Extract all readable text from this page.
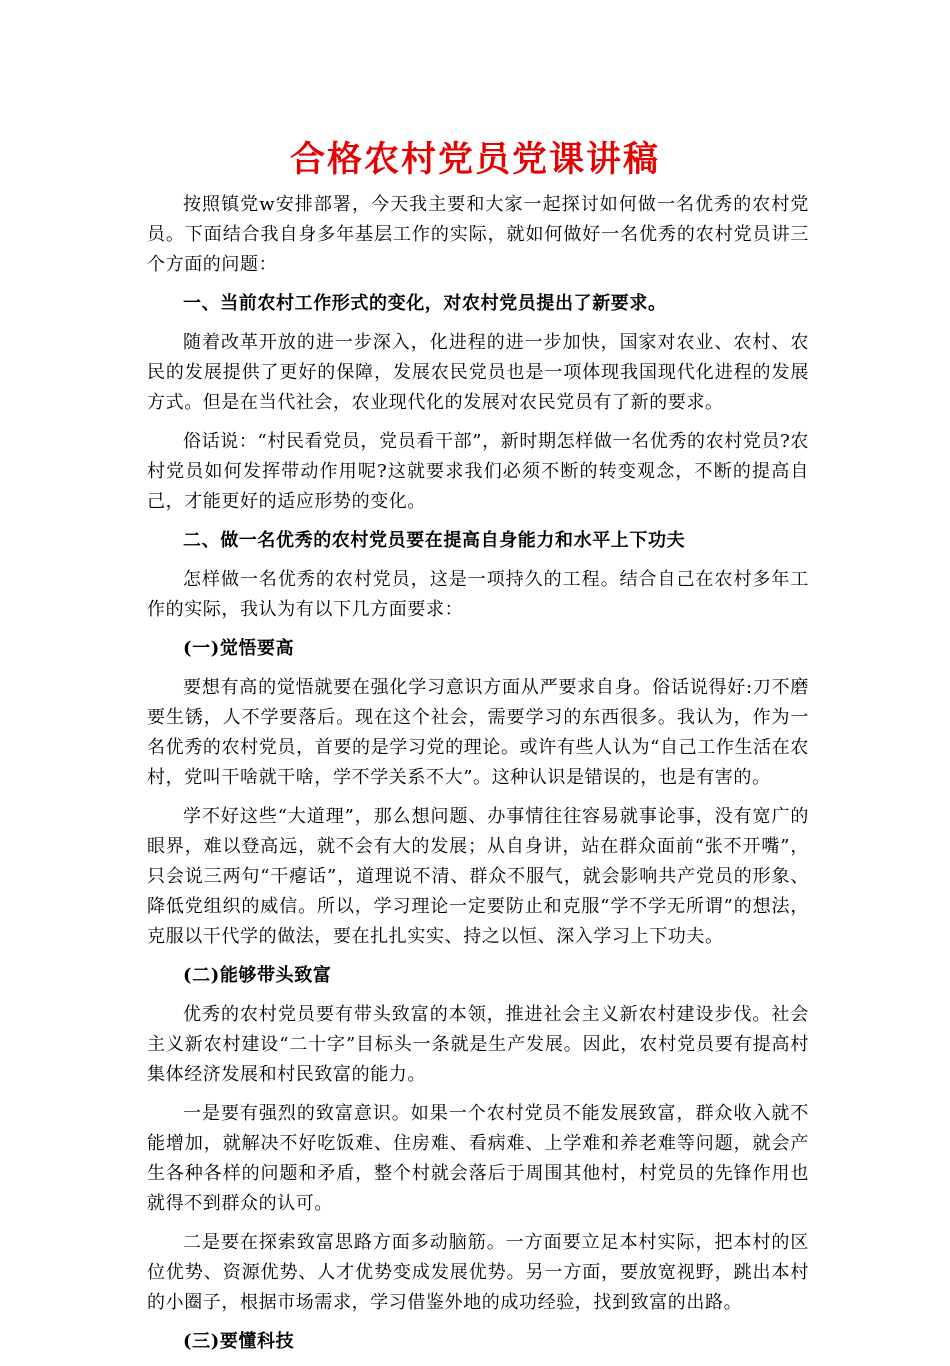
合格农村党员党课讲稿

按照镇党w安排部署，今天我主要和大家一起探讨如何做一名优秀的农村党员。下面结合我自身多年基层工作的实际，就如何做好一名优秀的农村党员讲三个方面的问题：

一、当前农村工作形式的变化，对农村党员提出了新要求。

随着改革开放的进一步深入，化进程的进一步加快，国家对农业、农村、农民的发展提供了更好的保障，发展农民党员也是一项体现我国现代化进程的发展方式。但是在当代社会，农业现代化的发展对农民党员有了新的要求。

俗话说：“村民看党员，党员看干部”，新时期怎样做一名优秀的农村党员?农村党员如何发挥带动作用呢?这就要求我们必须不断的转变观念，不断的提高自己，才能更好的适应形势的变化。

二、做一名优秀的农村党员要在提高自身能力和水平上下功夫

怎样做一名优秀的农村党员，这是一项持久的工程。结合自己在农村多年工作的实际，我认为有以下几方面要求：

(一)觉悟要高

要想有高的觉悟就要在强化学习意识方面从严要求自身。俗话说得好:刀不磨要生锈，人不学要落后。现在这个社会，需要学习的东西很多。我认为，作为一名优秀的农村党员，首要的是学习党的理论。或许有些人认为“自己工作生活在农村，党叫干啥就干啥，学不学关系不大”。这种认识是错误的，也是有害的。

学不好这些“大道理”，那么想问题、办事情往往容易就事论事，没有宽广的眼界，难以登高远，就不会有大的发展；从自身讲，站在群众面前“张不开嘴”，只会说三两句“干瘪话”，道理说不清、群众不服气，就会影响共产党员的形象、降低党组织的威信。所以，学习理论一定要防止和克服“学不学无所谓”的想法，克服以干代学的做法，要在扎扎实实、持之以恒、深入学习上下功夫。

(二)能够带头致富

优秀的农村党员要有带头致富的本领，推进社会主义新农村建设步伐。社会主义新农村建设“二十字”目标头一条就是生产发展。因此，农村党员要有提高村集体经济发展和村民致富的能力。

一是要有强烈的致富意识。如果一个农村党员不能发展致富，群众收入就不能增加，就解决不好吃饭难、住房难、看病难、上学难和养老难等问题，就会产生各种各样的问题和矛盾，整个村就会落后于周围其他村，村党员的先锋作用也就得不到群众的认可。

二是要在探索致富思路方面多动脑筋。一方面要立足本村实际，把本村的区位优势、资源优势、人才优势变成发展优势。另一方面，要放宽视野，跳出本村的小圈子，根据市场需求，学习借鉴外地的成功经验，找到致富的出路。

(三)要懂科技
